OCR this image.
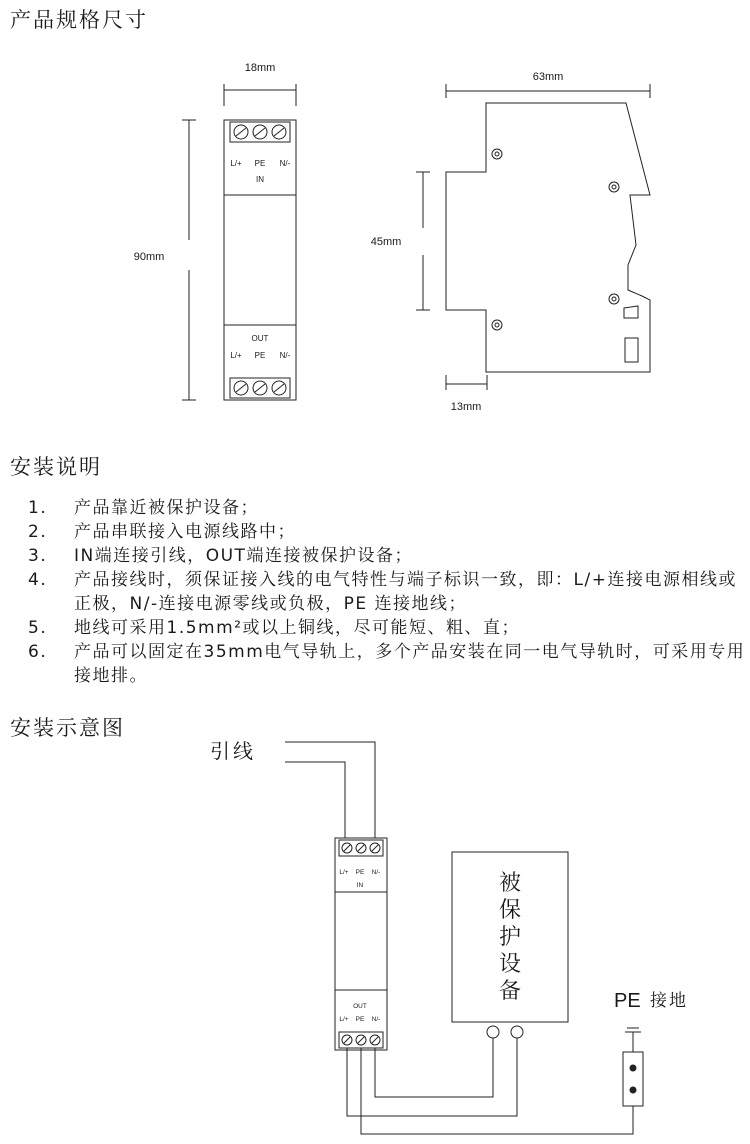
产品规格尺寸
18mm
90mm
63mm
45mm
13mm
L/+ PE N/-
IN
OUT
L/+ PE N/-
安装说明
1.	产品靠近被保护设备；
2.	产品串联接入电源线路中；
3.	IN端连接引线，OUT端连接被保护设备；
4.	产品接线时，须保证接入线的电气特性与端子标识一致，即：L/+连接电源相线或正极，N/-连接电源零线或负极，PE 连接地线；
5.	地线可采用1.5mm²或以上铜线，尽可能短、粗、直；
6.	产品可以固定在35mm电气导轨上，多个产品安装在同一电气导轨时，可采用专用接地排。
安装示意图
L/+ PE N/-
IN
OUT
L/+ PE N/-
引线
PE 接地
被保护设备
